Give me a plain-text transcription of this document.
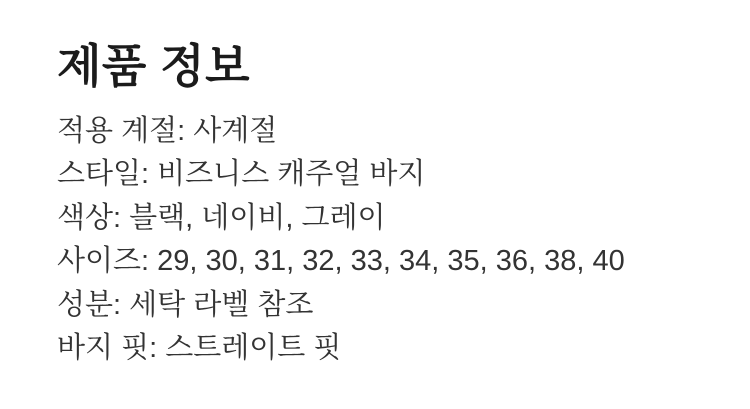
제품 정보

적용 계절: 사계절

스타일: 비즈니스 캐주얼 바지

색상: 블랙, 네이비, 그레이

사이즈: 29, 30, 31, 32, 33, 34, 35, 36, 38, 40

성분: 세탁 라벨 참조

바지 핏: 스트레이트 핏
